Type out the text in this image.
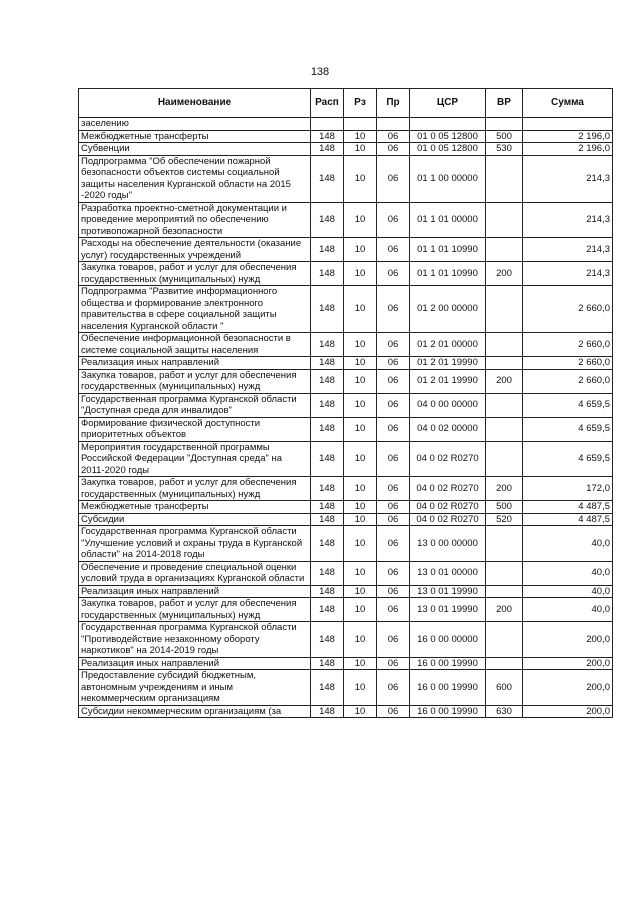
138
Наименование	Расп	Рз	Пр	ЦСР	ВР	Сумма
заселению						
Межбюджетные трансферты	148	10	06	01 0 05 12800	500	2 196,0
Субвенции	148	10	06	01 0 05 12800	530	2 196,0
Подпрограмма "Об обеспечении пожарной безопасности объектов системы социальной защиты населения Курганской области на 2015 -2020 годы"	148	10	06	01 1 00 00000		214,3
Разработка проектно-сметной документации и проведение мероприятий по обеспечению противопожарной безопасности	148	10	06	01 1 01 00000		214,3
Расходы на обеспечение деятельности (оказание услуг) государственных учреждений	148	10	06	01 1 01 10990		214,3
Закупка товаров, работ и услуг для обеспечения государственных (муниципальных) нужд	148	10	06	01 1 01 10990	200	214,3
Подпрограмма "Развитие информационного общества и формирование электронного правительства в сфере социальной защиты населения Курганской области "	148	10	06	01 2 00 00000		2 660,0
Обеспечение информационной безопасности в системе социальной защиты населения	148	10	06	01 2 01 00000		2 660,0
Реализация иных направлений	148	10	06	01 2 01 19990		2 660,0
Закупка товаров, работ и услуг для обеспечения государственных (муниципальных) нужд	148	10	06	01 2 01 19990	200	2 660,0
Государственная программа Курганской области "Доступная среда для инвалидов"	148	10	06	04 0 00 00000		4 659,5
Формирование физической доступности приоритетных объектов	148	10	06	04 0 02 00000		4 659,5
Мероприятия государственной программы Российской Федерации "Доступная среда" на 2011-2020 годы	148	10	06	04 0 02 R0270		4 659,5
Закупка товаров, работ и услуг для обеспечения государственных (муниципальных) нужд	148	10	06	04 0 02 R0270	200	172,0
Межбюджетные трансферты	148	10	06	04 0 02 R0270	500	4 487,5
Субсидии	148	10	06	04 0 02 R0270	520	4 487,5
Государственная программа Курганской области "Улучшение условий и охраны труда в Курганской области" на 2014-2018 годы	148	10	06	13 0 00 00000		40,0
Обеспечение и проведение специальной оценки условий труда в организациях Курганской области	148	10	06	13 0 01 00000		40,0
Реализация иных направлений	148	10	06	13 0 01 19990		40,0
Закупка товаров, работ и услуг для обеспечения государственных (муниципальных) нужд	148	10	06	13 0 01 19990	200	40,0
Государственная программа Курганской области "Противодействие незаконному обороту наркотиков" на 2014-2019 годы	148	10	06	16 0 00 00000		200,0
Реализация иных направлений	148	10	06	16 0 00 19990		200,0
Предоставление субсидий бюджетным, автономным учреждениям и иным некоммерческим организациям	148	10	06	16 0 00 19990	600	200,0
Субсидии некоммерческим организациям (за	148	10	06	16 0 00 19990	630	200,0
